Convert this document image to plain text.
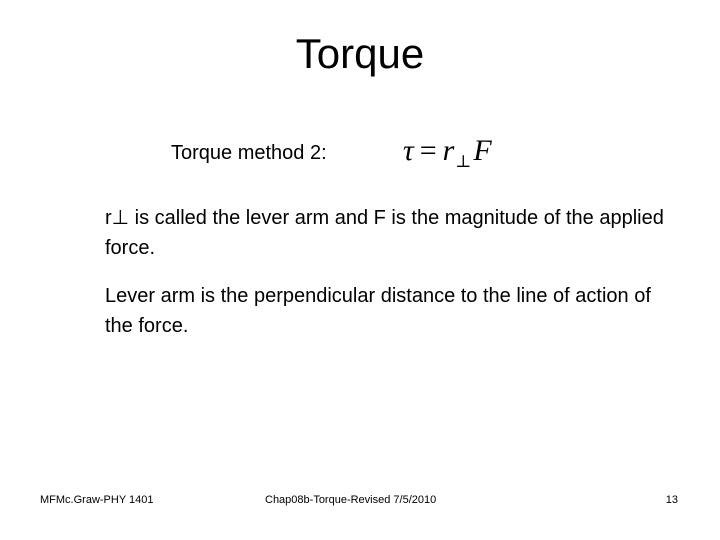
Torque
Torque method 2:	$\tau = r_\perp F$
r⊥ is called the lever arm and F is the magnitude of the applied force.
Lever arm is the perpendicular distance to the line of action of the force.
MFMc.Graw-PHY 1401	Chap08b-Torque-Revised 7/5/2010	13
